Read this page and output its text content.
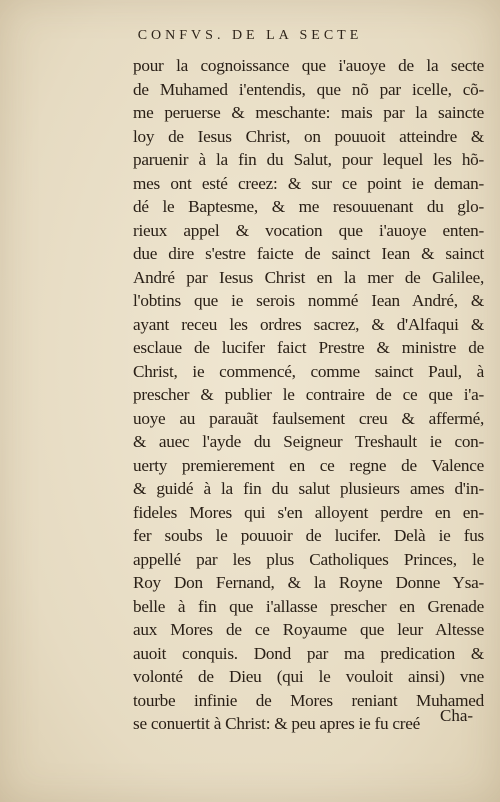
CONFVS. DE LA SECTE
pour la cognoissance que i'auoye de la secte
de Muhamed i'entendis, que nõ par icelle, cõ-
me peruerse & meschante: mais par la saincte
loy de Iesus Christ, on pouuoit atteindre &
paruenir à la fin du Salut, pour lequel les hõ-
mes ont esté creez: & sur ce point ie deman-
dé le Baptesme, & me resouuenant du glo-
rieux appel & vocation que i'auoye enten-
due dire s'estre faicte de sainct Iean & sainct
André par Iesus Christ en la mer de Galilee,
l'obtins que ie serois nommé Iean André, &
ayant receu les ordres sacrez, & d'Alfaqui &
esclaue de lucifer faict Prestre & ministre de
Christ, ie commencé, comme sainct Paul, à
prescher & publier le contraire de ce que i'a-
uoye au parauãt faulsement creu & affermé,
& auec l'ayde du Seigneur Treshault ie con-
uerty premierement en ce regne de Valence
& guidé à la fin du salut plusieurs ames d'in-
fideles Mores qui s'en alloyent perdre en en-
fer soubs le pouuoir de lucifer. Delà ie fus
appellé par les plus Catholiques Princes, le
Roy Don Fernand, & la Royne Donne Ysa-
belle à fin que i'allasse prescher en Grenade
aux Mores de ce Royaume que leur Altesse
auoit conquis. Dond par ma predication &
volonté de Dieu (qui le vouloit ainsi) vne
tourbe infinie de Mores reniant Muhamed
se conuertit à Christ: & peu apres ie fu creé	Cha-
